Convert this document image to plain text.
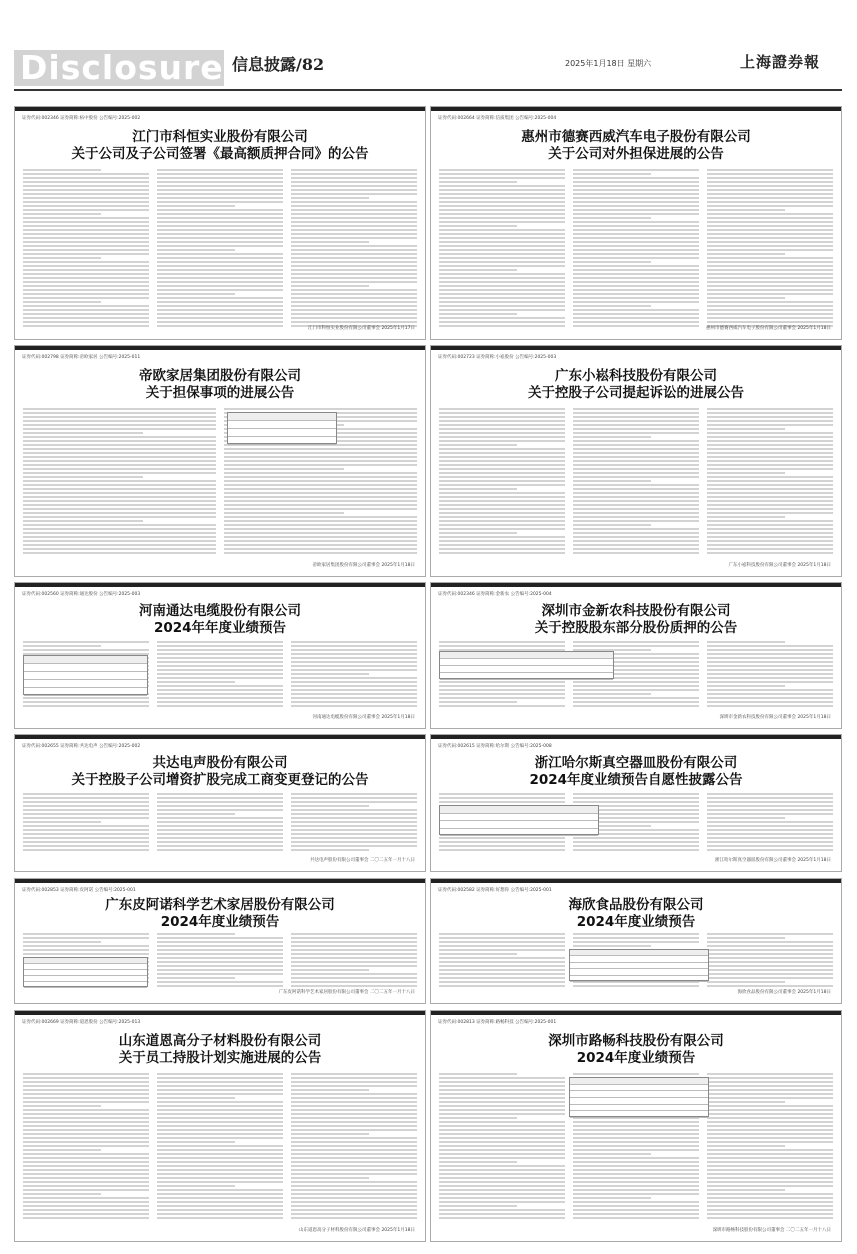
Disclosure 信息披露/82	2025年1月18日 星期六	上海證券報
证券代码:002346 证券简称:柘中股份 公告编号:2025-002
江门市科恒实业股份有限公司
关于公司及子公司签署《最高额质押合同》的公告
江门市科恒实业股份有限公司董事会 2025年1月17日
证券代码:002664 证券简称:信质集团 公告编号:2025-004
惠州市德赛西威汽车电子股份有限公司
关于公司对外担保进展的公告
惠州市德赛西威汽车电子股份有限公司董事会 2025年1月18日
证券代码:002798 证券简称:帝欧家居 公告编号:2025-011
帝欧家居集团股份有限公司
关于担保事项的进展公告
帝欧家居集团股份有限公司董事会 2025年1月18日
证券代码:002723 证券简称:小崧股份 公告编号:2025-003
广东小崧科技股份有限公司
关于控股子公司提起诉讼的进展公告
广东小崧科技股份有限公司董事会 2025年1月18日
证券代码:002560 证券简称:通达股份 公告编号:2025-003
河南通达电缆股份有限公司
2024年年度业绩预告
河南通达电缆股份有限公司董事会 2025年1月18日
证券代码:002346 证券简称:金新农 公告编号:2025-004
深圳市金新农科技股份有限公司
关于控股股东部分股份质押的公告
深圳市金新农科技股份有限公司董事会 2025年1月18日
证券代码:002655 证券简称:共达电声 公告编号:2025-002
共达电声股份有限公司
关于控股子公司增资扩股完成工商变更登记的公告
共达电声股份有限公司董事会 二〇二五年一月十八日
证券代码:002615 证券简称:哈尔斯 公告编号:2025-008
浙江哈尔斯真空器皿股份有限公司
2024年度业绩预告自愿性披露公告
浙江哈尔斯真空器皿股份有限公司董事会 2025年1月18日
证券代码:002853 证券简称:皮阿诺 公告编号:2025-001
广东皮阿诺科学艺术家居股份有限公司
2024年度业绩预告
广东皮阿诺科学艺术家居股份有限公司董事会 二〇二五年一月十八日
证券代码:002582 证券简称:好想你 公告编号:2025-001
海欣食品股份有限公司
2024年度业绩预告
海欣食品股份有限公司董事会 2025年1月18日
证券代码:002669 证券简称:道恩股份 公告编号:2025-013
山东道恩高分子材料股份有限公司
关于员工持股计划实施进展的公告
山东道恩高分子材料股份有限公司董事会 2025年1月18日
证券代码:002813 证券简称:路畅科技 公告编号:2025-001
深圳市路畅科技股份有限公司
2024年度业绩预告
深圳市路畅科技股份有限公司董事会 二〇二五年一月十八日
